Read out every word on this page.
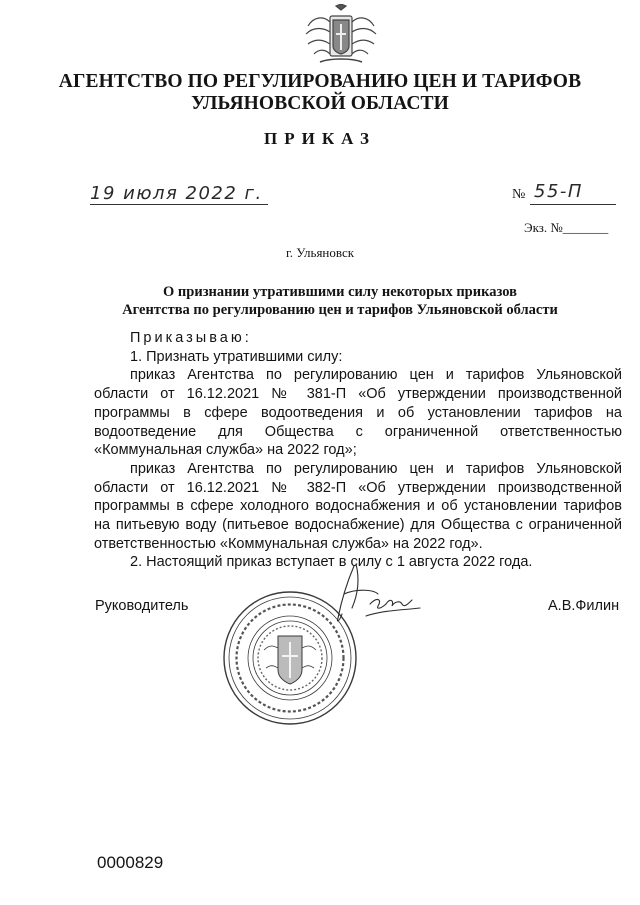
АГЕНТСТВО ПО РЕГУЛИРОВАНИЮ ЦЕН И ТАРИФОВ
УЛЬЯНОВСКОЙ ОБЛАСТИ
ПРИКАЗ
19 июля 2022 г.	№ 55-П
Экз. №_______
г. Ульяновск
О признании утратившими силу некоторых приказов
Агентства по регулированию цен и тарифов Ульяновской области

Приказываю:

1. Признать утратившими силу:

приказ Агентства по регулированию цен и тарифов Ульяновской области от 16.12.2021 № 381-П «Об утверждении производственной программы в сфере водоотведения и об установлении тарифов на водоотведение для Общества с ограниченной ответственностью «Коммунальная служба» на 2022 год»;

приказ Агентства по регулированию цен и тарифов Ульяновской области от 16.12.2021 № 382-П «Об утверждении производственной программы в сфере холодного водоснабжения и об установлении тарифов на питьевую воду (питьевое водоснабжение) для Общества с ограниченной ответственностью «Коммунальная служба» на 2022 год».

2. Настоящий приказ вступает в силу с 1 августа 2022 года.

Руководитель	А.В.Филин
0000829
